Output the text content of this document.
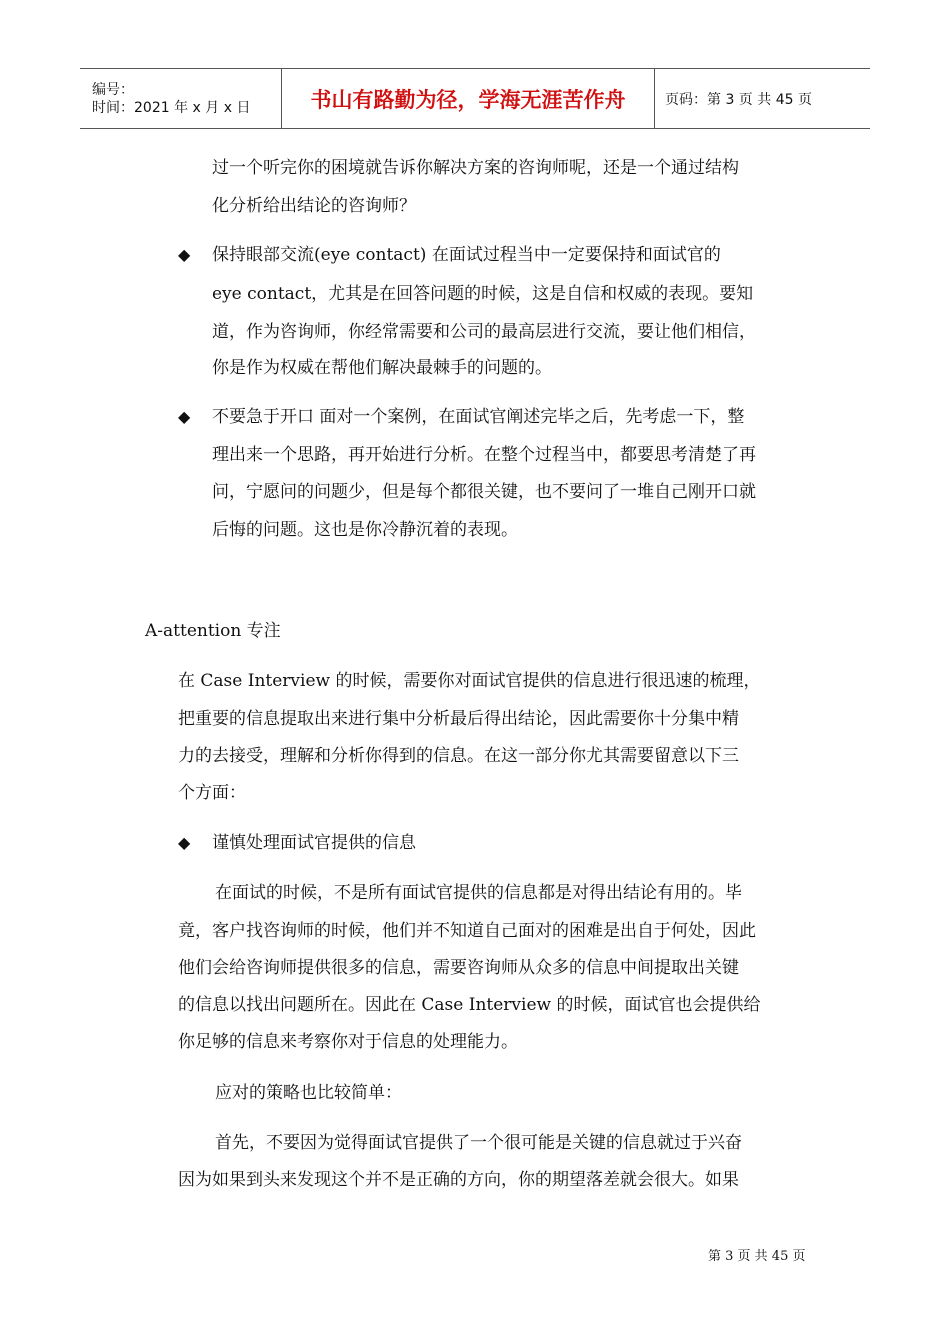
编号：
时间：2021 年 x 月 x 日	书山有路勤为径，学海无涯苦作舟	页码：第 3 页 共 45 页
过一个听完你的困境就告诉你解决方案的咨询师呢，还是一个通过结构
化分析给出结论的咨询师？
◆ 保持眼部交流(eye contact) 在面试过程当中一定要保持和面试官的
eye contact，尤其是在回答问题的时候，这是自信和权威的表现。要知
道，作为咨询师，你经常需要和公司的最高层进行交流，要让他们相信，
你是作为权威在帮他们解决最棘手的问题的。
◆ 不要急于开口 面对一个案例，在面试官阐述完毕之后，先考虑一下，整
理出来一个思路，再开始进行分析。在整个过程当中，都要思考清楚了再
问，宁愿问的问题少，但是每个都很关键，也不要问了一堆自己刚开口就
后悔的问题。这也是你冷静沉着的表现。
A-attention 专注
在 Case Interview 的时候，需要你对面试官提供的信息进行很迅速的梳理，
把重要的信息提取出来进行集中分析最后得出结论，因此需要你十分集中精
力的去接受，理解和分析你得到的信息。在这一部分你尤其需要留意以下三
个方面：
◆ 谨慎处理面试官提供的信息
在面试的时候，不是所有面试官提供的信息都是对得出结论有用的。毕
竟，客户找咨询师的时候，他们并不知道自己面对的困难是出自于何处，因此
他们会给咨询师提供很多的信息，需要咨询师从众多的信息中间提取出关键
的信息以找出问题所在。因此在 Case Interview 的时候，面试官也会提供给
你足够的信息来考察你对于信息的处理能力。
应对的策略也比较简单：
首先，不要因为觉得面试官提供了一个很可能是关键的信息就过于兴奋
因为如果到头来发现这个并不是正确的方向，你的期望落差就会很大。如果
第 3 页 共 45 页
